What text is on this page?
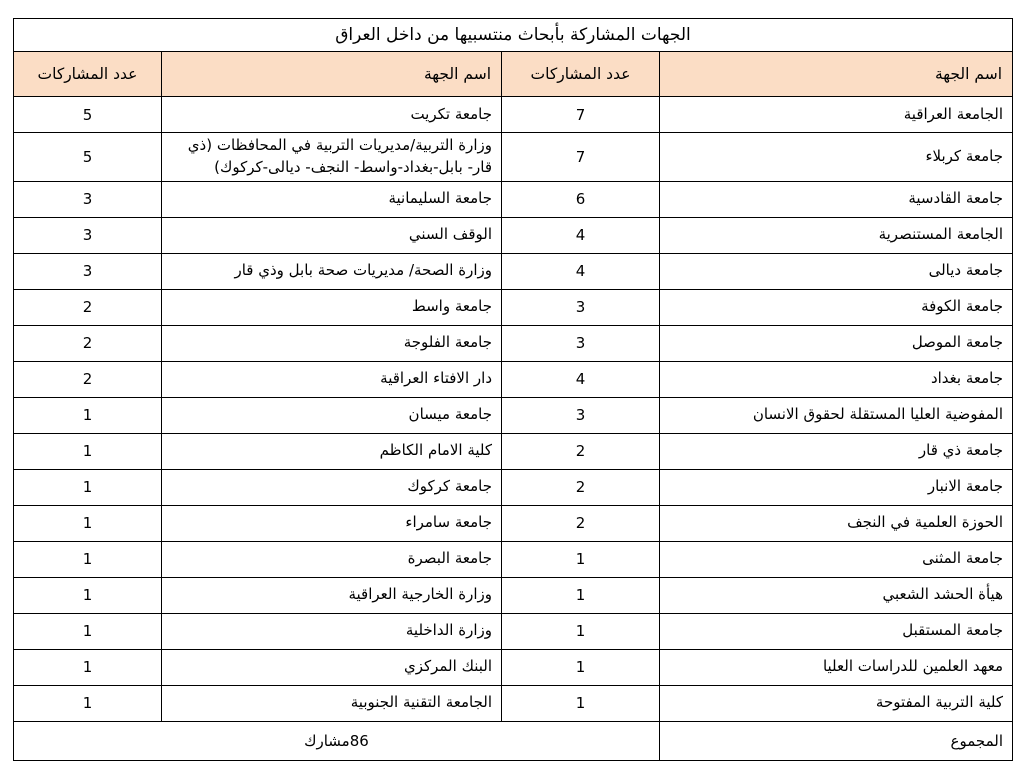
الجهات المشاركة بأبحاث منتسبيها من داخل العراق			
اسم الجهة	عدد المشاركات	اسم الجهة	عدد المشاركات
الجامعة العراقية	7	جامعة تكريت	5
جامعة كربلاء	7	وزارة التربية/مديريات التربية في المحافظات (ذي قار- بابل-بغداد-واسط- النجف- ديالى-كركوك)	5
جامعة القادسية	6	جامعة السليمانية	3
الجامعة المستنصرية	4	الوقف السني	3
جامعة ديالى	4	وزارة الصحة/ مديريات صحة بابل وذي قار	3
جامعة الكوفة	3	جامعة واسط	2
جامعة الموصل	3	جامعة الفلوجة	2
جامعة بغداد	4	دار الافتاء العراقية	2
المفوضية العليا المستقلة لحقوق الانسان	3	جامعة ميسان	1
جامعة ذي قار	2	كلية الامام الكاظم	1
جامعة الانبار	2	جامعة كركوك	1
الحوزة العلمية في النجف	2	جامعة سامراء	1
جامعة المثنى	1	جامعة البصرة	1
هيأة الحشد الشعبي	1	وزارة الخارجية العراقية	1
جامعة المستقبل	1	وزارة الداخلية	1
معهد العلمين للدراسات العليا	1	البنك المركزي	1
كلية التربية المفتوحة	1	الجامعة التقنية الجنوبية	1
المجموع	86مشارك		
